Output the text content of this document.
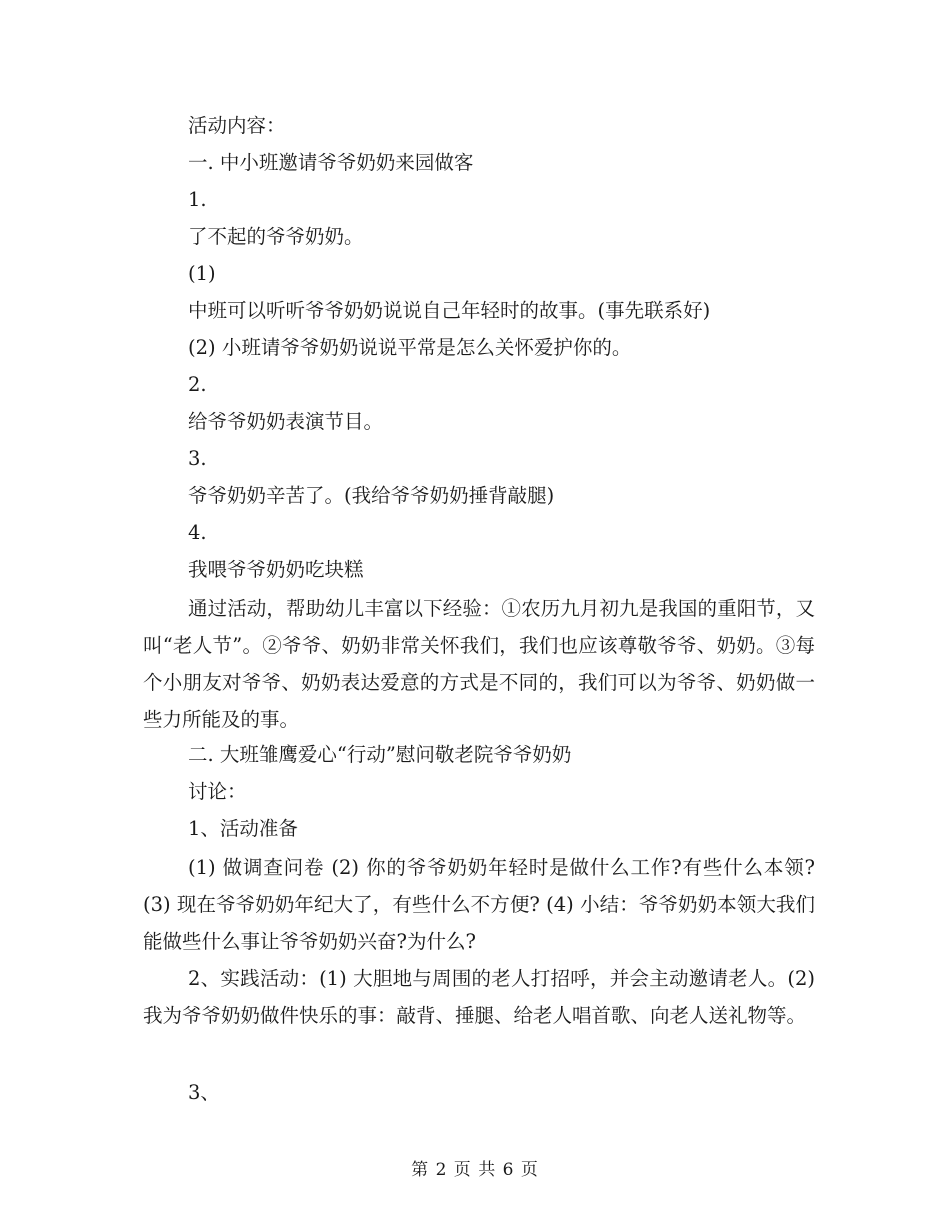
活动内容：
一. 中小班邀请爷爷奶奶来园做客
1.
了不起的爷爷奶奶。
(1)
中班可以听听爷爷奶奶说说自己年轻时的故事。(事先联系好)
(2) 小班请爷爷奶奶说说平常是怎么关怀爱护你的。
2.
给爷爷奶奶表演节目。
3.
爷爷奶奶辛苦了。(我给爷爷奶奶捶背敲腿)
4.
我喂爷爷奶奶吃块糕
通过活动，帮助幼儿丰富以下经验：①农历九月初九是我国的重阳节，又叫“老人节”。②爷爷、奶奶非常关怀我们，我们也应该尊敬爷爷、奶奶。③每个小朋友对爷爷、奶奶表达爱意的方式是不同的，我们可以为爷爷、奶奶做一些力所能及的事。
二. 大班雏鹰爱心“行动”慰问敬老院爷爷奶奶
讨论：
1、活动准备
(1) 做调查问卷 (2) 你的爷爷奶奶年轻时是做什么工作?有些什么本领? (3) 现在爷爷奶奶年纪大了，有些什么不方便? (4) 小结：爷爷奶奶本领大我们能做些什么事让爷爷奶奶兴奋?为什么?
2、实践活动：(1) 大胆地与周围的老人打招呼，并会主动邀请老人。(2) 我为爷爷奶奶做件快乐的事：敲背、捶腿、给老人唱首歌、向老人送礼物等。
3、
第 2 页 共 6 页
